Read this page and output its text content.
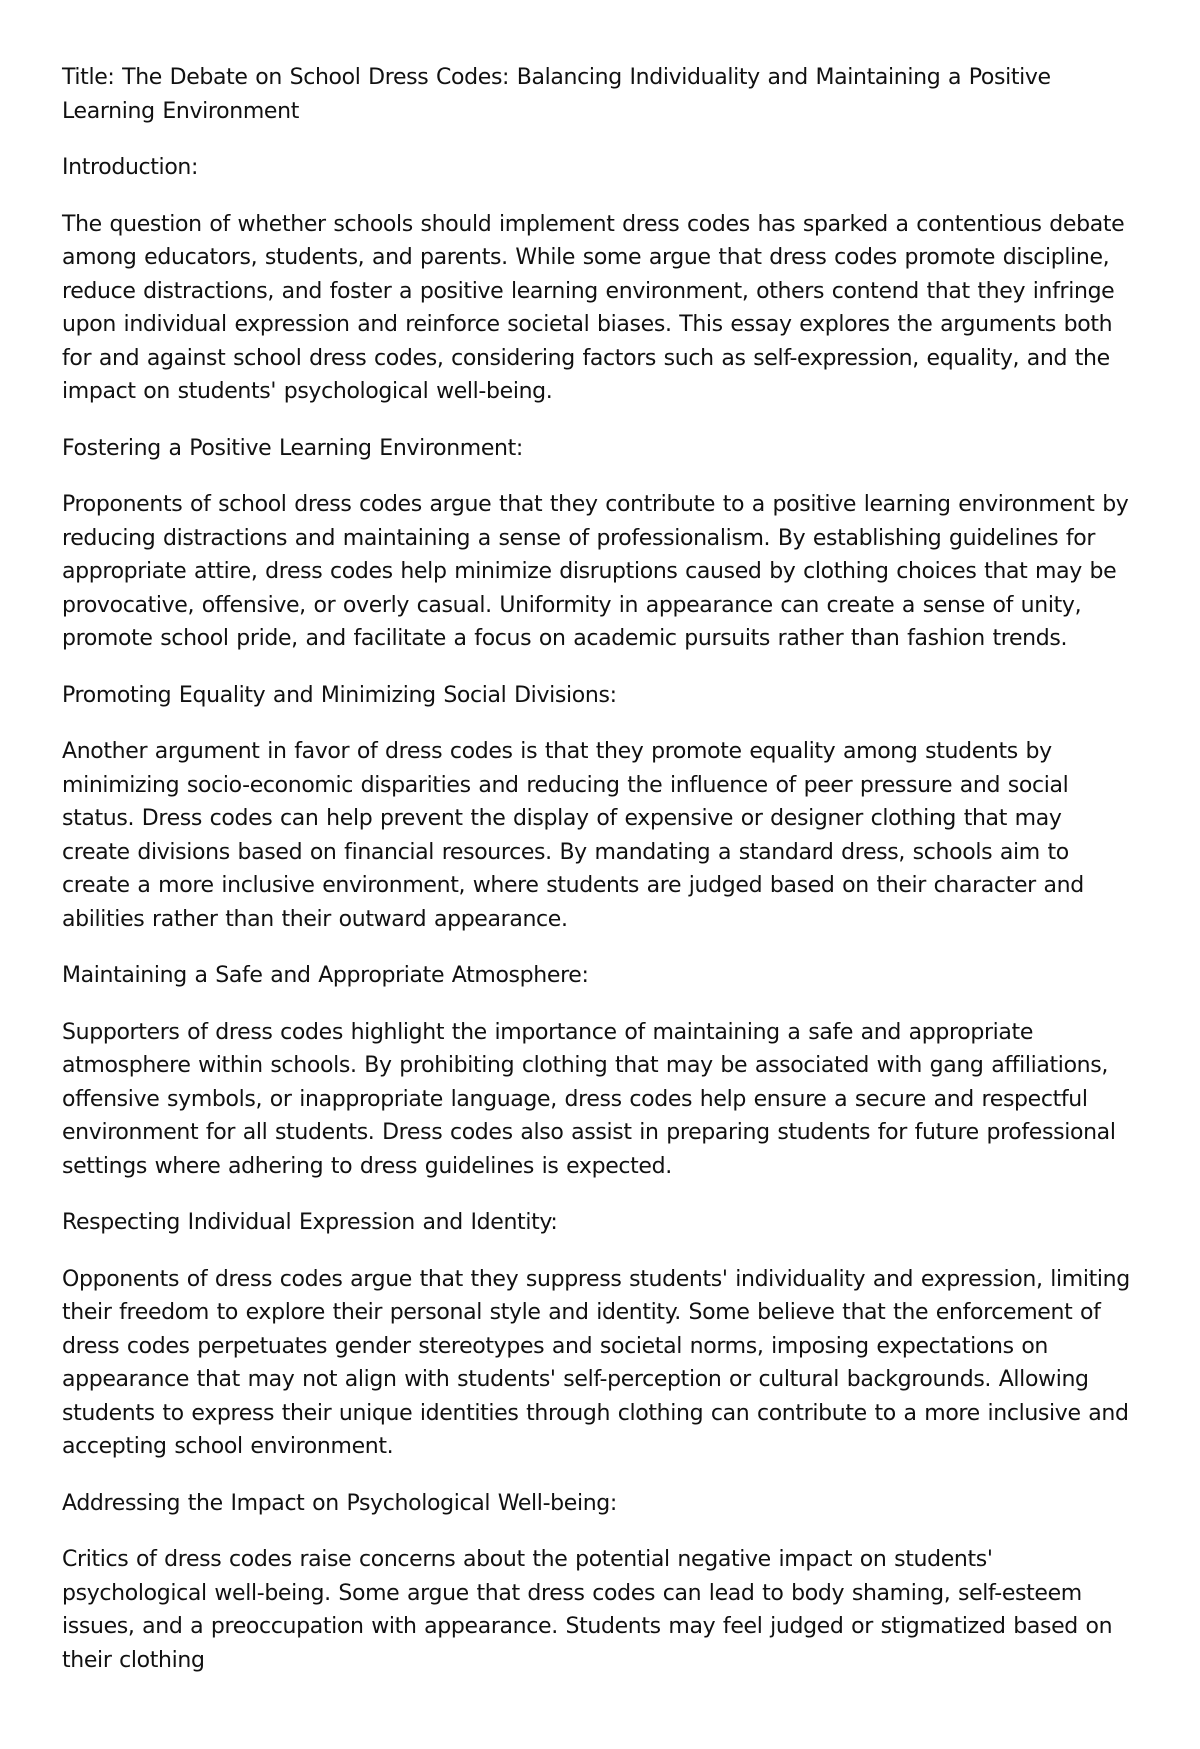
Title: The Debate on School Dress Codes: Balancing Individuality and Maintaining a Positive Learning Environment

Introduction:

The question of whether schools should implement dress codes has sparked a contentious debate among educators, students, and parents. While some argue that dress codes promote discipline, reduce distractions, and foster a positive learning environment, others contend that they infringe upon individual expression and reinforce societal biases. This essay explores the arguments both for and against school dress codes, considering factors such as self-expression, equality, and the impact on students' psychological well-being.

Fostering a Positive Learning Environment:

Proponents of school dress codes argue that they contribute to a positive learning environment by reducing distractions and maintaining a sense of professionalism. By establishing guidelines for appropriate attire, dress codes help minimize disruptions caused by clothing choices that may be provocative, offensive, or overly casual. Uniformity in appearance can create a sense of unity, promote school pride, and facilitate a focus on academic pursuits rather than fashion trends.

Promoting Equality and Minimizing Social Divisions:

Another argument in favor of dress codes is that they promote equality among students by minimizing socio-economic disparities and reducing the influence of peer pressure and social status. Dress codes can help prevent the display of expensive or designer clothing that may create divisions based on financial resources. By mandating a standard dress, schools aim to create a more inclusive environment, where students are judged based on their character and abilities rather than their outward appearance.

Maintaining a Safe and Appropriate Atmosphere:

Supporters of dress codes highlight the importance of maintaining a safe and appropriate atmosphere within schools. By prohibiting clothing that may be associated with gang affiliations, offensive symbols, or inappropriate language, dress codes help ensure a secure and respectful environment for all students. Dress codes also assist in preparing students for future professional settings where adhering to dress guidelines is expected.

Respecting Individual Expression and Identity:

Opponents of dress codes argue that they suppress students' individuality and expression, limiting their freedom to explore their personal style and identity. Some believe that the enforcement of dress codes perpetuates gender stereotypes and societal norms, imposing expectations on appearance that may not align with students' self-perception or cultural backgrounds. Allowing students to express their unique identities through clothing can contribute to a more inclusive and accepting school environment.

Addressing the Impact on Psychological Well-being:

Critics of dress codes raise concerns about the potential negative impact on students' psychological well-being. Some argue that dress codes can lead to body shaming, self-esteem issues, and a preoccupation with appearance. Students may feel judged or stigmatized based on their clothing
